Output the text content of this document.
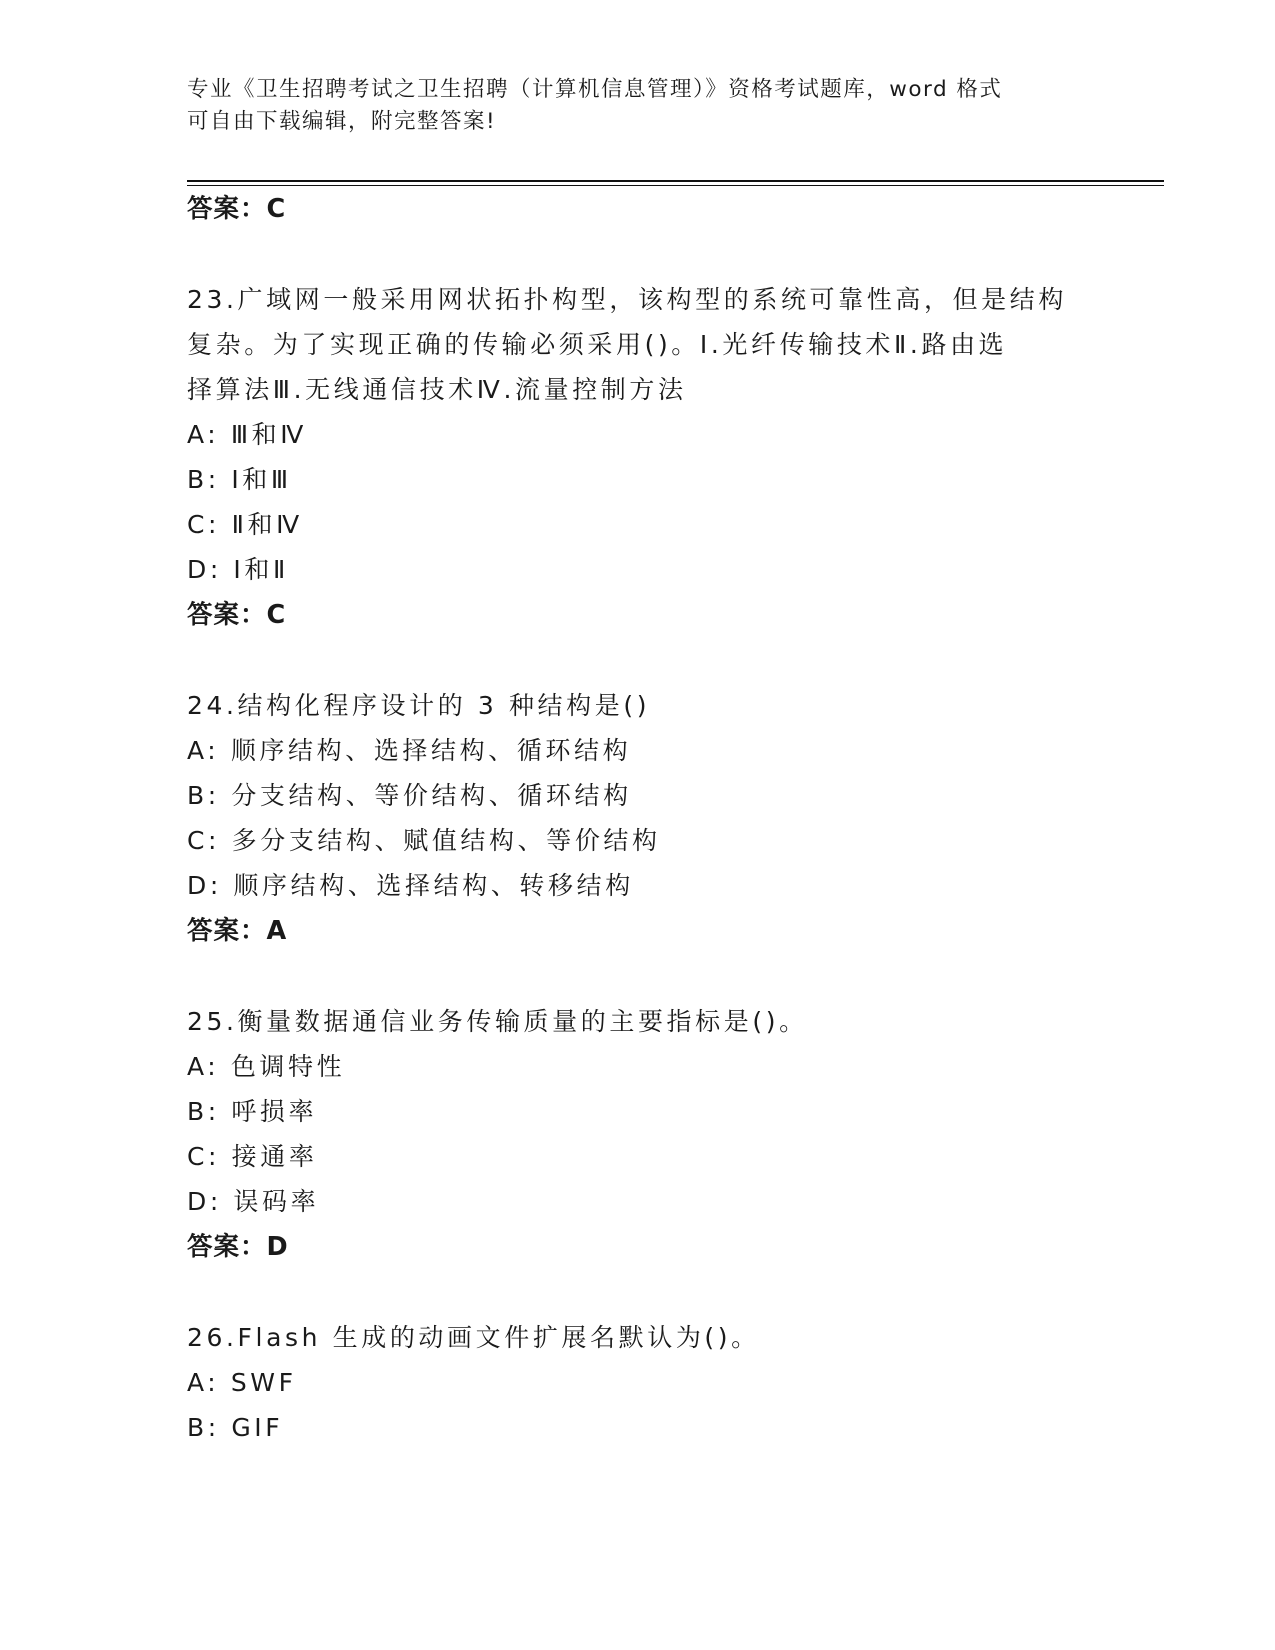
专业《卫生招聘考试之卫生招聘（计算机信息管理）》资格考试题库，word 格式
可自由下载编辑，附完整答案!
答案：C
23.广域网一般采用网状拓扑构型，该构型的系统可靠性高，但是结构
复杂。为了实现正确的传输必须采用()。Ⅰ.光纤传输技术Ⅱ.路由选
择算法Ⅲ.无线通信技术Ⅳ.流量控制方法
A: Ⅲ和Ⅳ
B: Ⅰ和Ⅲ
C: Ⅱ和Ⅳ
D: Ⅰ和Ⅱ
答案：C
24.结构化程序设计的 3 种结构是()
A: 顺序结构、选择结构、循环结构
B: 分支结构、等价结构、循环结构
C: 多分支结构、赋值结构、等价结构
D: 顺序结构、选择结构、转移结构
答案：A
25.衡量数据通信业务传输质量的主要指标是()。
A: 色调特性
B: 呼损率
C: 接通率
D: 误码率
答案：D
26.Flash 生成的动画文件扩展名默认为()。
A: SWF
B: GIF
